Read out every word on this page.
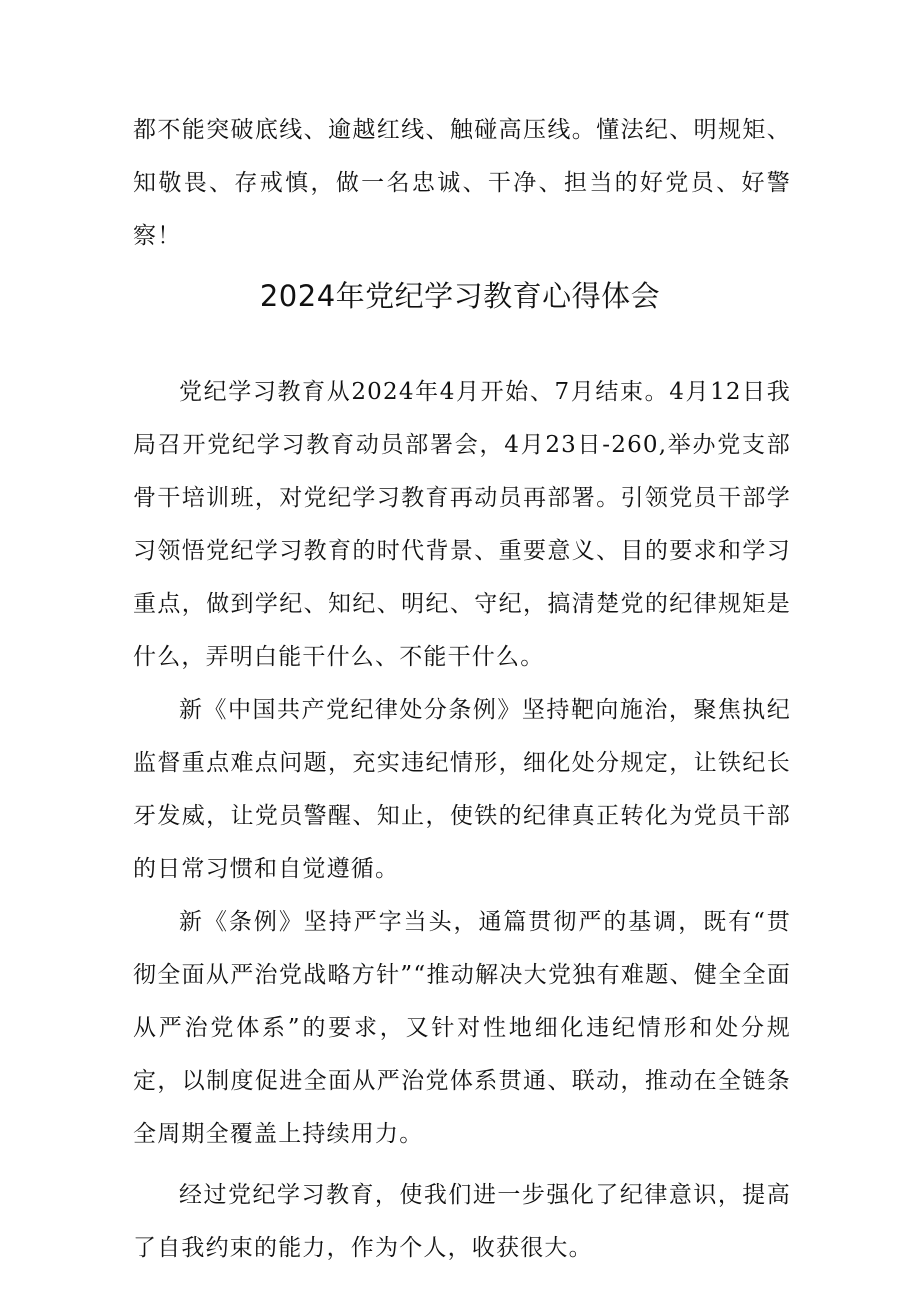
都不能突破底线、逾越红线、触碰高压线。懂法纪、明规矩、知敬畏、存戒慎，做一名忠诚、干净、担当的好党员、好警察！

2024年党纪学习教育心得体会

党纪学习教育从2024年4月开始、7月结束。4月12日我局召开党纪学习教育动员部署会，4月23日-260,举办党支部骨干培训班，对党纪学习教育再动员再部署。引领党员干部学习领悟党纪学习教育的时代背景、重要意义、目的要求和学习重点，做到学纪、知纪、明纪、守纪，搞清楚党的纪律规矩是什么，弄明白能干什么、不能干什么。

新《中国共产党纪律处分条例》坚持靶向施治，聚焦执纪监督重点难点问题，充实违纪情形，细化处分规定，让铁纪长牙发威，让党员警醒、知止，使铁的纪律真正转化为党员干部的日常习惯和自觉遵循。

新《条例》坚持严字当头，通篇贯彻严的基调，既有“贯彻全面从严治党战略方针”“推动解决大党独有难题、健全全面从严治党体系”的要求，又针对性地细化违纪情形和处分规定，以制度促进全面从严治党体系贯通、联动，推动在全链条全周期全覆盖上持续用力。

经过党纪学习教育，使我们进一步强化了纪律意识，提高了自我约束的能力，作为个人，收获很大。
